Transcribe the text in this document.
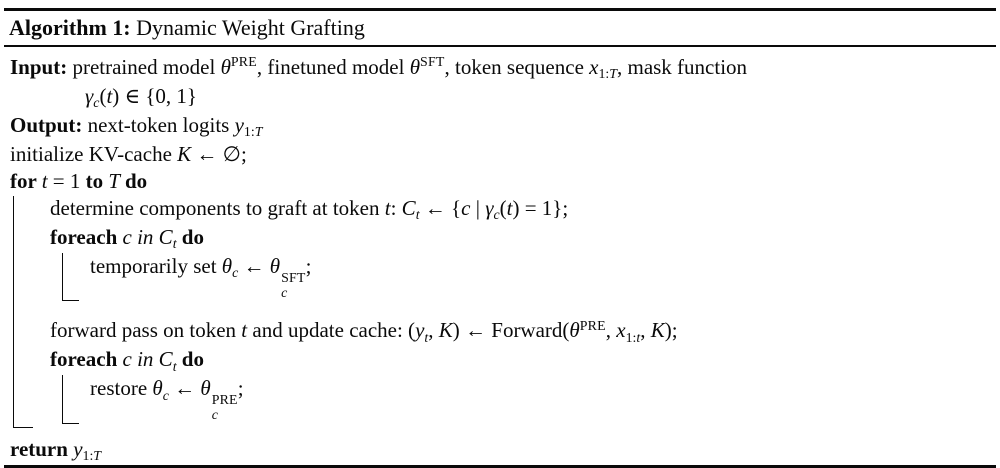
Algorithm 1: Dynamic Weight Grafting
Input: pretrained model $\theta^{PRE}$, finetuned model $\theta^{SFT}$, token sequence x1:T, mask function
γc(t) ∈ {0, 1}
Output: next-token logits y1:T
initialize KV-cache K ← ∅;
for t = 1 to T do
determine components to graft at token t: Ct ← {c | γc(t) = 1};
foreach c in Ct do
temporarily set θc ← θ SFT
c
;
forward pass on token t and update cache: (yt, K) ← $Forward(\theta^{PRE}$, x1:t, K);
foreach c in Ct do
restore θc ← θ PRE
c
;
return y1:T
